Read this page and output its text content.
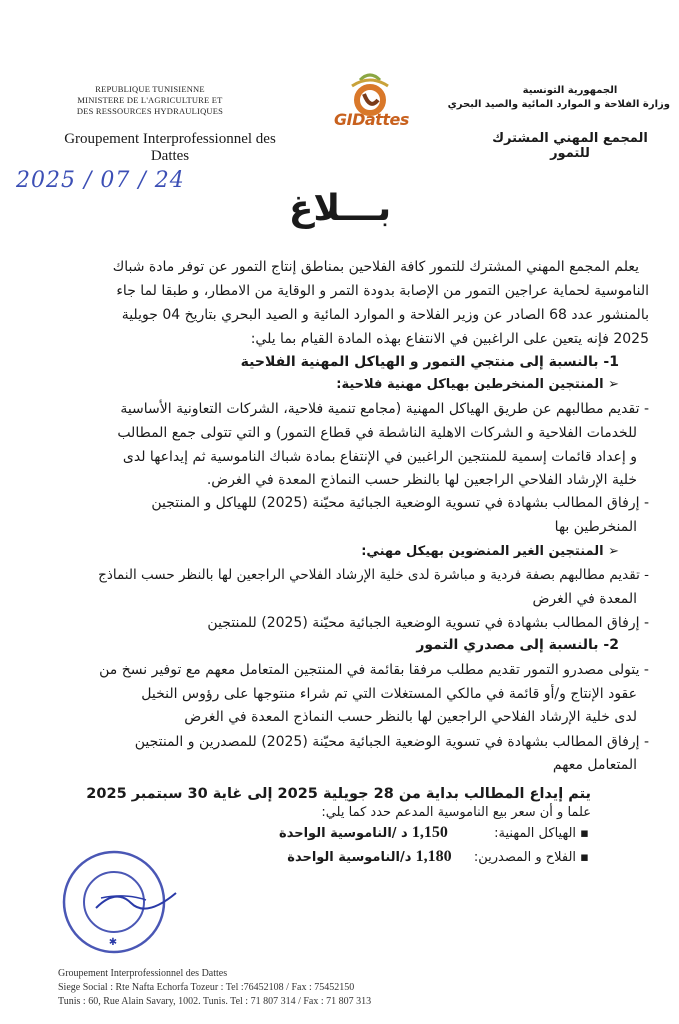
REPUBLIQUE TUNISIENNE
MINISTERE DE L'AGRICULTURE ET
DES RESSOURCES HYDRAULIQUES
Groupement Interprofessionnel des
Dattes
2025 / 07 / 24
GIDattes
الجمهورية التونسية
وزارة الفلاحة و الموارد المائية والصيد البحري
المجمع المهني المشترك للتمور
بـــلاغ
يعلم المجمع المهني المشترك للتمور كافة الفلاحين بمناطق إنتاج التمور عن توفر مادة شباك
الناموسية لحماية عراجين التمور من الإصابة بدودة التمر و الوقاية من الامطار، و طبقا لما جاء
بالمنشور عدد 68 الصادر عن وزير الفلاحة و الموارد المائية و الصيد البحري بتاريخ 04 جويلية
2025 فإنه يتعين على الراغبين في الانتفاع بهذه المادة القيام بما يلي:
1- بالنسبة إلى منتجي التمور و الهياكل المهنية الفلاحية
➢ المنتجين المنخرطين بهياكل مهنية فلاحية:
- تقديم مطالبهم عن طريق الهياكل المهنية (مجامع تنمية فلاحية، الشركات التعاونية الأساسية
للخدمات الفلاحية و الشركات الاهلية الناشطة في قطاع التمور) و التي تتولى جمع المطالب
و إعداد قائمات إسمية للمنتجين الراغبين في الإنتفاع بمادة شباك الناموسية ثم إيداعها لدى
خلية الإرشاد الفلاحي الراجعين لها بالنظر حسب النماذج المعدة في الغرض.
- إرفاق المطالب بشهادة في تسوية الوضعية الجبائية محيّنة (2025) للهياكل و المنتجين
المنخرطين بها
➢ المنتجين الغير المنضوين بهيكل مهني:
- تقديم مطالبهم بصفة فردية و مباشرة لدى خلية الإرشاد الفلاحي الراجعين لها بالنظر حسب النماذج
المعدة في الغرض
- إرفاق المطالب بشهادة في تسوية الوضعية الجبائية محيّنة (2025) للمنتجين
2- بالنسبة إلى مصدري التمور
- يتولى مصدرو التمور تقديم مطلب مرفقا بقائمة في المنتجين المتعامل معهم مع توفير نسخ من
عقود الإنتاج و/أو قائمة في مالكي المستغلات التي تم شراء منتوجها على رؤوس النخيل
لدى خلية الإرشاد الفلاحي الراجعين لها بالنظر حسب النماذج المعدة في الغرض
- إرفاق المطالب بشهادة في تسوية الوضعية الجبائية محيّنة (2025) للمصدرين و المنتجين
المتعامل معهم
يتم إيداع المطالب بداية من 28 جويلية 2025 إلى غاية 30 سبتمبر 2025
علما و أن سعر بيع الناموسية المدعم حدد كما يلي:
▪ الهياكل المهنية:  1,150 د /الناموسية الواحدة
▪ الفلاح و المصدرين:  1,180 د/الناموسية الواحدة
✱
Groupement Interprofessionnel des Dattes
Siege Social : Rte Nafta Echorfa Tozeur : Tel :76452108 / Fax : 75452150
Tunis : 60, Rue Alain Savary, 1002. Tunis. Tel : 71 807 314 / Fax : 71 807 313
